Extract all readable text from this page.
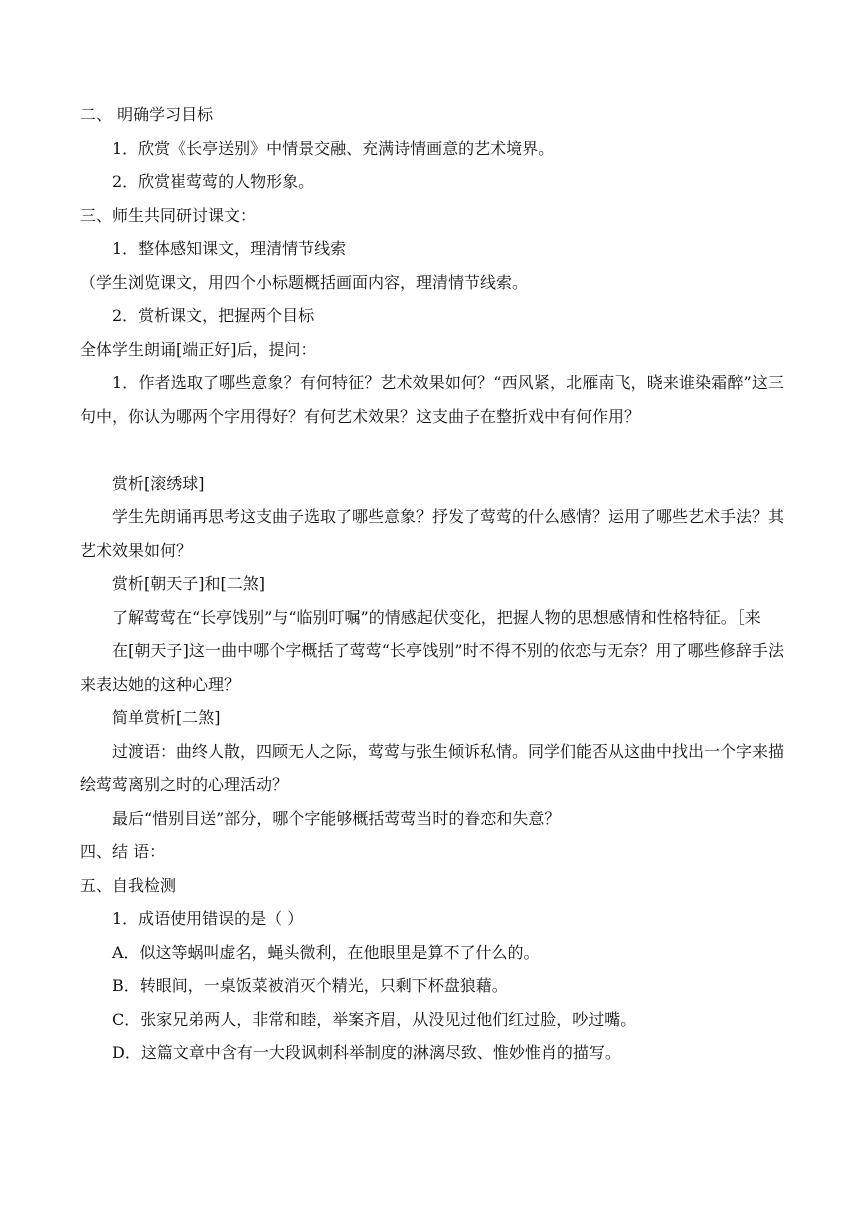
二、 明确学习目标
1．欣赏《长亭送别》中情景交融、充满诗情画意的艺术境界。
2．欣赏崔莺莺的人物形象。
三、师生共同研讨课文：
1．整体感知课文，理清情节线索
（学生浏览课文，用四个小标题概括画面内容，理清情节线索。
2．赏析课文，把握两个目标
全体学生朗诵[端正好]后，提问：

1．作者选取了哪些意象？有何特征？艺术效果如何？“西风紧，北雁南飞，晓来谁染霜醉”这三句中，你认为哪两个字用得好？有何艺术效果？这支曲子在整折戏中有何作用？

赏析[滚绣球]

学生先朗诵再思考这支曲子选取了哪些意象？抒发了莺莺的什么感情？运用了哪些艺术手法？其艺术效果如何？

赏析[朝天子]和[二煞]

了解莺莺在“长亭饯别”与“临别叮嘱”的情感起伏变化，把握人物的思想感情和性格特征。［来

在[朝天子]这一曲中哪个字概括了莺莺“长亭饯别”时不得不别的依恋与无奈？用了哪些修辞手法来表达她的这种心理？

简单赏析[二煞]

过渡语：曲终人散，四顾无人之际，莺莺与张生倾诉私情。同学们能否从这曲中找出一个字来描绘莺莺离别之时的心理活动？

最后“惜别目送”部分，哪个字能够概括莺莺当时的眷恋和失意？
四、结 语：
五、自我检测
1．成语使用错误的是（ ）
A．似这等蜗叫虚名，蝇头微利，在他眼里是算不了什么的。
B．转眼间，一桌饭菜被消灭个精光，只剩下杯盘狼藉。
C．张家兄弟两人，非常和睦，举案齐眉，从没见过他们红过脸，吵过嘴。
D．这篇文章中含有一大段讽刺科举制度的淋漓尽致、惟妙惟肖的描写。
